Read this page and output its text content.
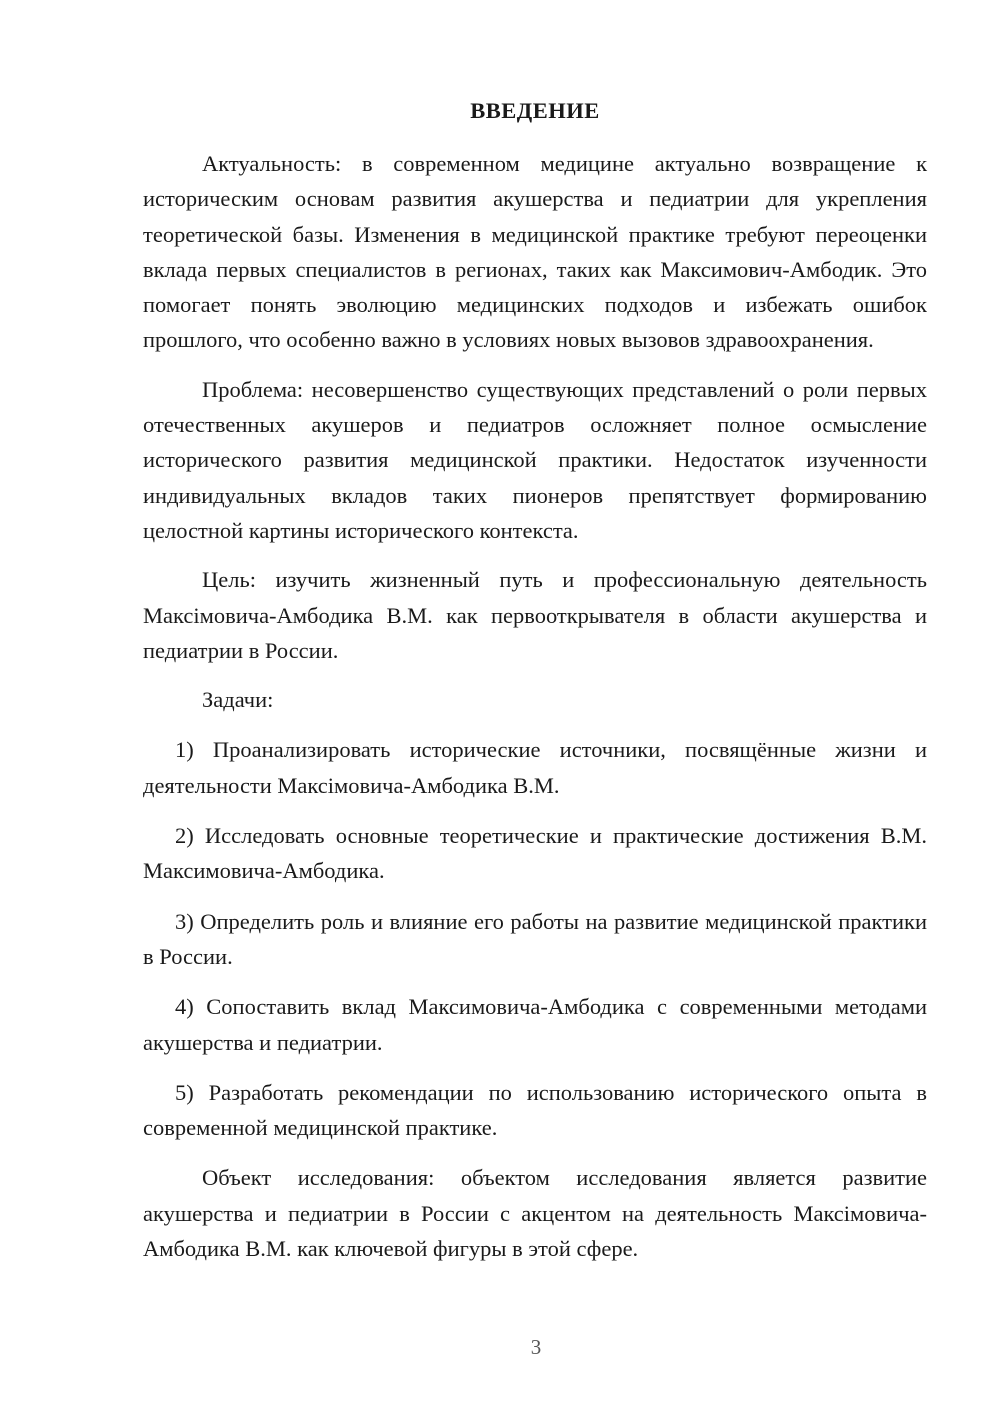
ВВЕДЕНИЕ

Актуальность: в современном медицине актуально возвращение к историческим основам развития акушерства и педиатрии для укрепления теоретической базы. Изменения в медицинской практике требуют переоценки вклада первых специалистов в регионах, таких как Максимович-Амбодик. Это помогает понять эволюцию медицинских подходов и избежать ошибок прошлого, что особенно важно в условиях новых вызовов здравоохранения.

Проблема: несовершенство существующих представлений о роли первых отечественных акушеров и педиатров осложняет полное осмысление исторического развития медицинской практики. Недостаток изученности индивидуальных вкладов таких пионеров препятствует формированию целостной картины исторического контекста.

Цель: изучить жизненный путь и профессиональную деятельность Максiмовича-Амбодика В.М. как первооткрывателя в области акушерства и педиатрии в России.

Задачи:

1) Проанализировать исторические источники, посвящённые жизни и деятельности Максiмовича-Амбодика В.М.

2) Исследовать основные теоретические и практические достижения В.М. Максимовича-Амбодика.

3) Определить роль и влияние его работы на развитие медицинской практики в России.

4) Сопоставить вклад Максимовича-Амбодика с современными методами акушерства и педиатрии.

5) Разработать рекомендации по использованию исторического опыта в современной медицинской практике.

Объект исследования: объектом исследования является развитие акушерства и педиатрии в России с акцентом на деятельность Максiмовича-Амбодика В.М. как ключевой фигуры в этой сфере.

3
